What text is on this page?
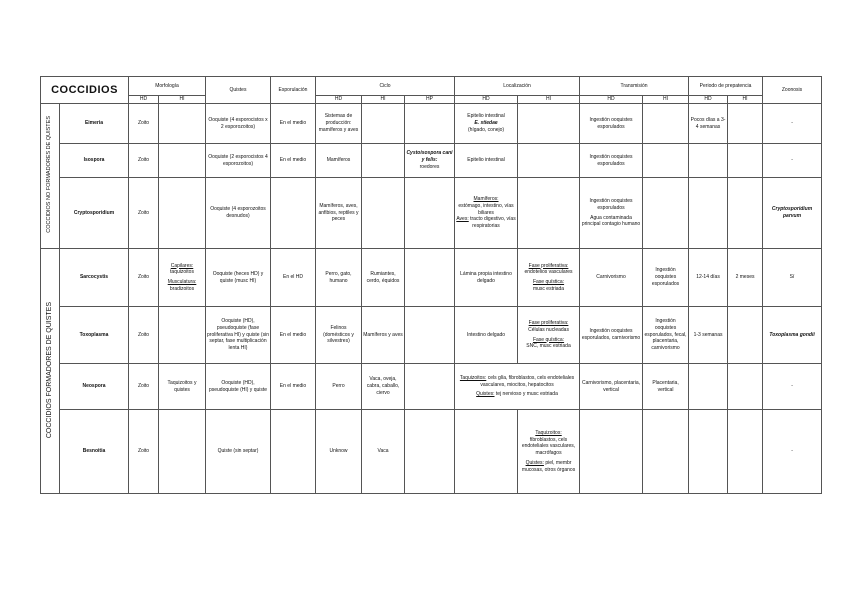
COCCIDIOS		Morfología		Quistes	Esporulación	Ciclo			Localización		Transmisión		Periodo de prepatencia		Zoonosis
		HD	HI			HD	HI	HP	HD	HI	HD	HI	HD	HI	
COCCIDIOS NO FORMADORES DE QUISTES	Eimeria	Zoito		Ooquiste (4 esporocistos x 2 esporozoitos)	En el medio	Sistemas de producción: mamíferos y aves			Epitelio intestinal
E. stiedae
(hígado, conejo)		Ingestión ooquistes esporulados		Pocos días a 3-4 semanas		-
	Isospora	Zoito		Ooquiste (2 esporocistos 4 esporozoitos)	En el medio	Mamíferos		Cystoisospora cani y felis:
roedores	Epitelio intestinal		Ingestión ooquistes esporulados				-
	Cryptosporidium	Zoito		Ooquiste (4 esporozoitos desnudos)		Mamíferos, aves, anfibios, reptiles y peces			Mamíferos:
estómago, intestino, vías biliares
Aves: tracto digestivo, vías respiratorias		Ingestión ooquistes esporulados
Agua contaminada principal contagio humano				Cryptosporidium parvum
COCCIDIOS FORMADORES DE QUISTES	Sarcocystis	Zoito	Capilares:
taquizoitos
Musculatura:
bradizoitos	Ooquiste (heces HD) y quiste (musc HI)	En el HD	Perro, gato, humano	Rumiantes, cerdo, équidos		Lámina propia intestino delgado	Fase proliferativa:
endotelios vasculares
Fase quística:
musc estriada	Carnivorismo	Ingestión ooquistes esporulados	12-14 días	2 meses	Sí
	Toxoplasma	Zoito		Ooquiste (HD), pseudoquiste (fase proliferativa HI) y quiste (sin septar, fase multiplicación lenta HI)	En el medio	Felinos (domésticos y silvestres)	Mamíferos y aves		Intestino delgado	Fase proliferativa:
Células nucleadas
Fase quística:
SNC, musc estriada	Ingestión ooquistes esporulados, carnivorismo	Ingestión ooquistes esporulados, fecal, placentaria, carnivorismo	1-3 semanas		Toxoplasma gondii
	Neospora	Zoito	Taquizoitos y quistes	Ooquiste (HD), pseudoquiste (HI) y quiste	En el medio	Perro	Vaca, oveja, cabra, caballo, ciervo		Taquizoitos: cels glía, fibroblastos, cels endoteliales vasculares, miocitos, hepatocitos
Quistes: tej nervioso y musc estriada		Carnivorismo, placentaria, vertical	Placentaria, vertical			-
	Besnoitia	Zoito		Quiste (sin septar)		Unknow	Vaca			Taquizoitos:
fibroblastos, cels endoteliales vasculares, macrófagos
Quistes: piel, membr mucosas, otros órganos					-
